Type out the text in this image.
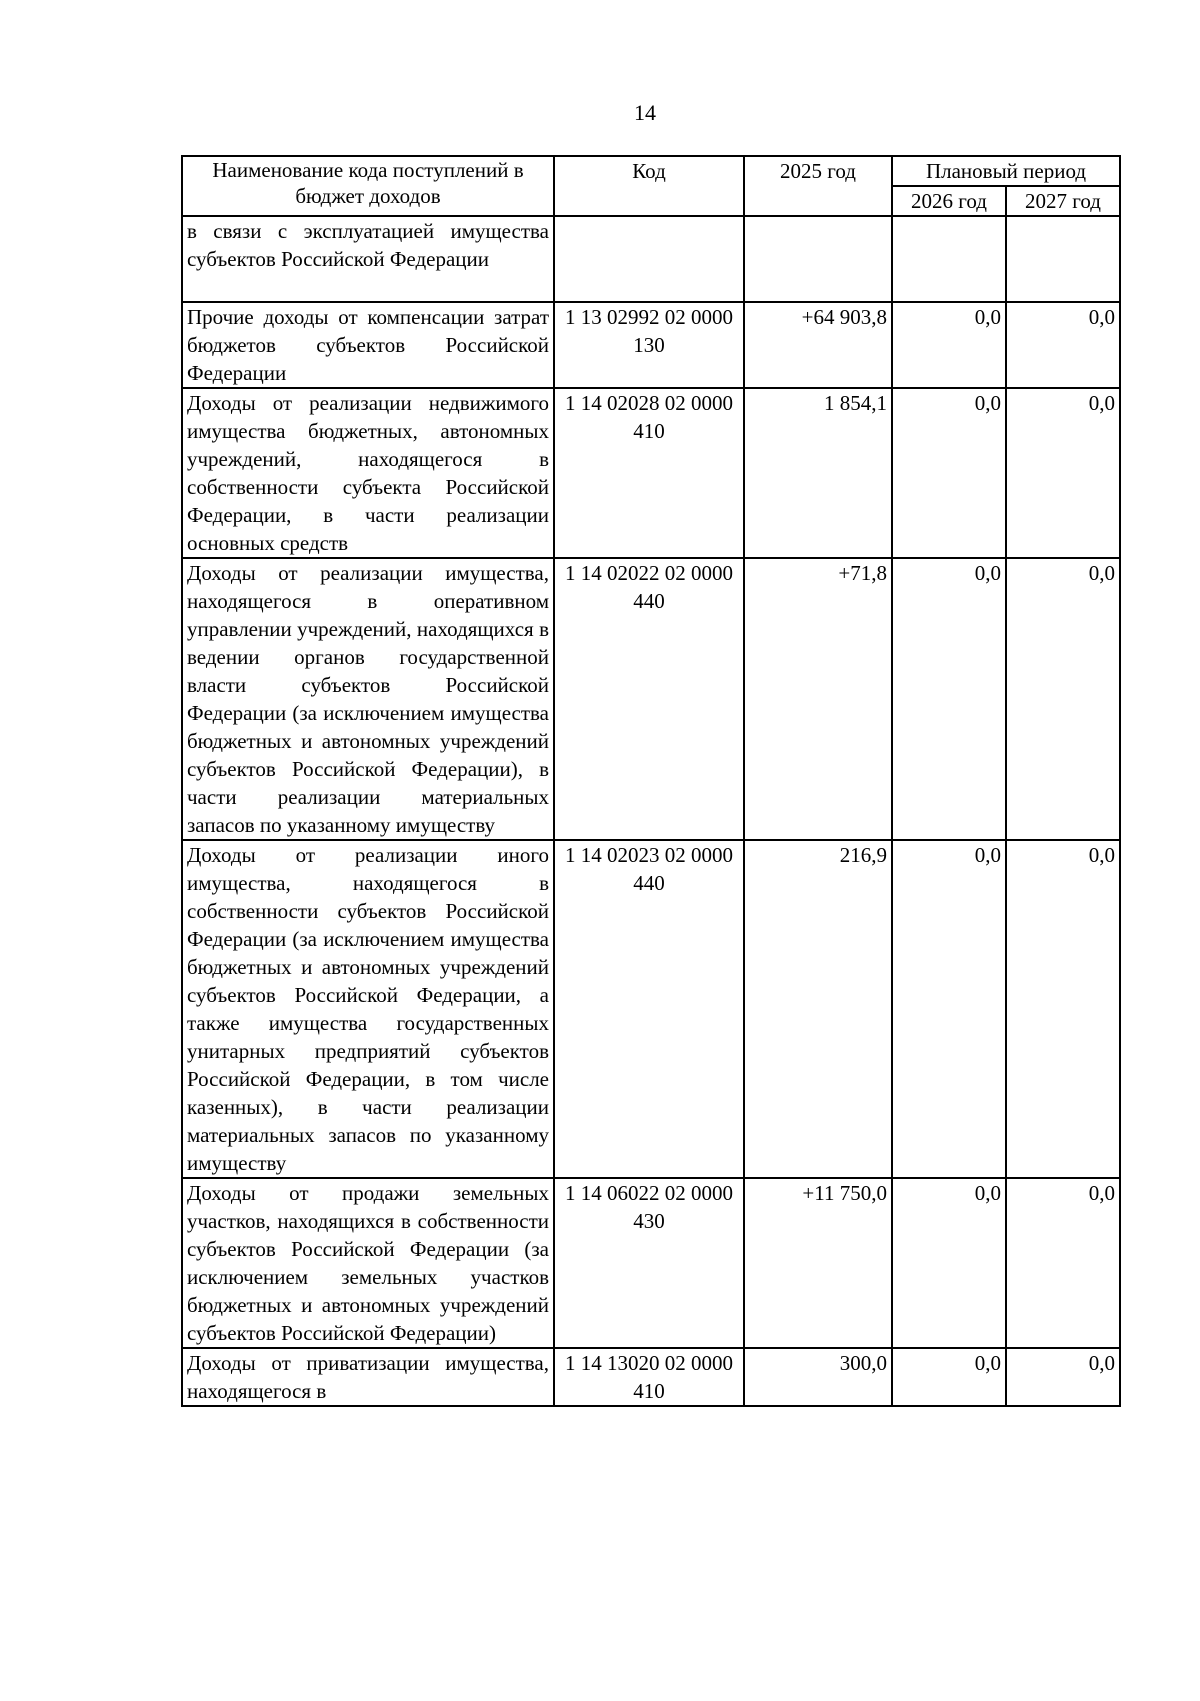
14
Наименование кода поступлений в бюджет доходов	Код	2025 год	Плановый период	
			2026 год	2027 год
в связи с эксплуатацией имущества субъектов Российской Федерации				
Прочие доходы от компенсации затрат бюджетов субъектов Российской Федерации	1 13 02992 02 0000 130	+64 903,8	0,0	0,0
Доходы от реализации недвижимого имущества бюджетных, автономных учреждений, находящегося в собственности субъекта Российской Федерации, в части реализации основных средств	1 14 02028 02 0000 410	1 854,1	0,0	0,0
Доходы от реализации имущества, находящегося в оперативном управлении учреждений, находящихся в ведении органов государственной власти субъектов Российской Федерации (за исключением имущества бюджетных и автономных учреждений субъектов Российской Федерации), в части реализации материальных запасов по указанному имуществу	1 14 02022 02 0000 440	+71,8	0,0	0,0
Доходы от реализации иного имущества, находящегося в собственности субъектов Российской Федерации (за исключением имущества бюджетных и автономных учреждений субъектов Российской Федерации, а также имущества государственных унитарных предприятий субъектов Российской Федерации, в том числе казенных), в части реализации материальных запасов по указанному имуществу	1 14 02023 02 0000 440	216,9	0,0	0,0
Доходы от продажи земельных участков, находящихся в собственности субъектов Российской Федерации (за исключением земельных участков бюджетных и автономных учреждений субъектов Российской Федерации)	1 14 06022 02 0000 430	+11 750,0	0,0	0,0
Доходы от приватизации имущества, находящегося в	1 14 13020 02 0000 410	300,0	0,0	0,0
